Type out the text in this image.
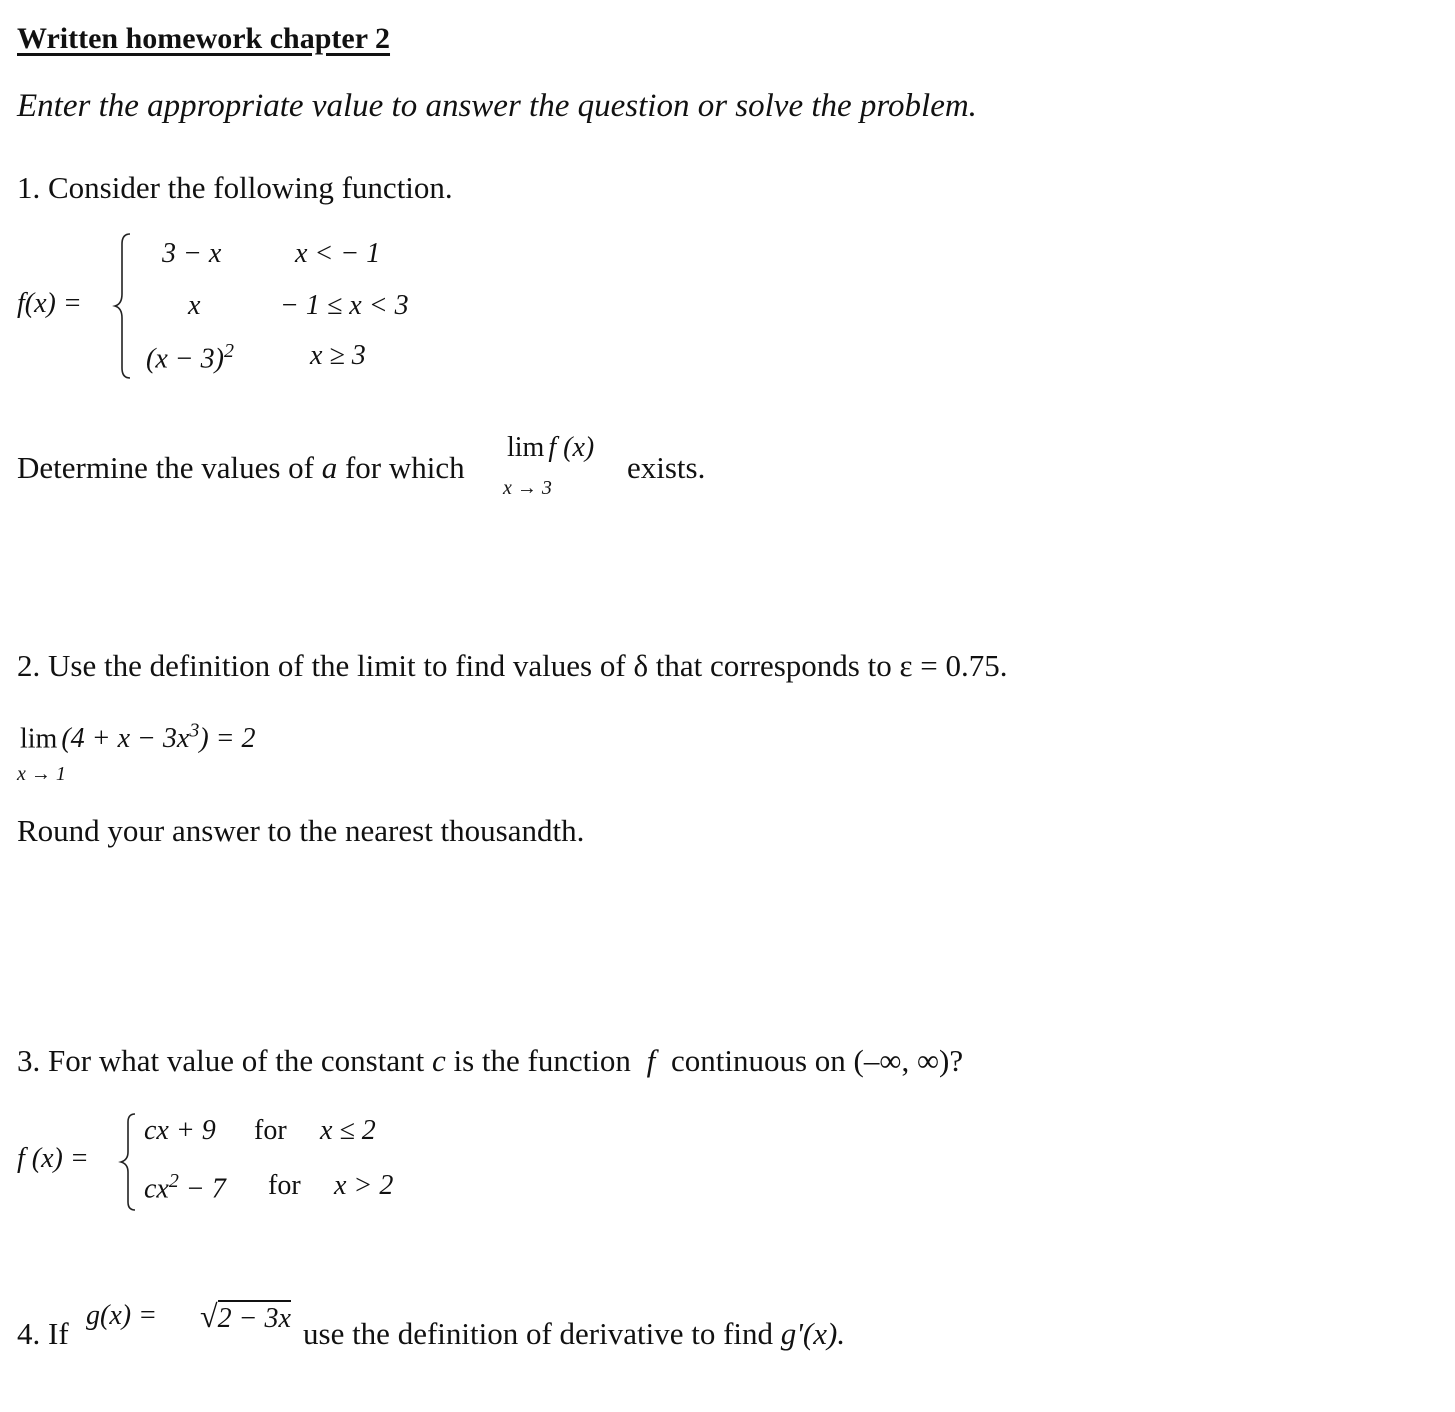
Written homework chapter 2
Enter the appropriate value to answer the question or solve the problem.
1. Consider the following function.
f(x) =
3 − x	x < − 1
x	− 1 ≤ x < 3
$(x - 3)^2$	x ≥ 3
Determine the values of a for which
lim f (x)
x → 3
exists.
2. Use the definition of the limit to find values of δ that corresponds to ε = 0.75.
$\lim (4 + x - 3x^3) = 2$
x → 1
Round your answer to the nearest thousandth.
3. For what value of the constant c is the function f continuous on (–∞, ∞)?
f (x) =
cx + 9 for x ≤ 2
$cx^2 - 7$ for x > 2
4. If
g(x) = √2 − 3x use the definition of derivative to find g'(x).
